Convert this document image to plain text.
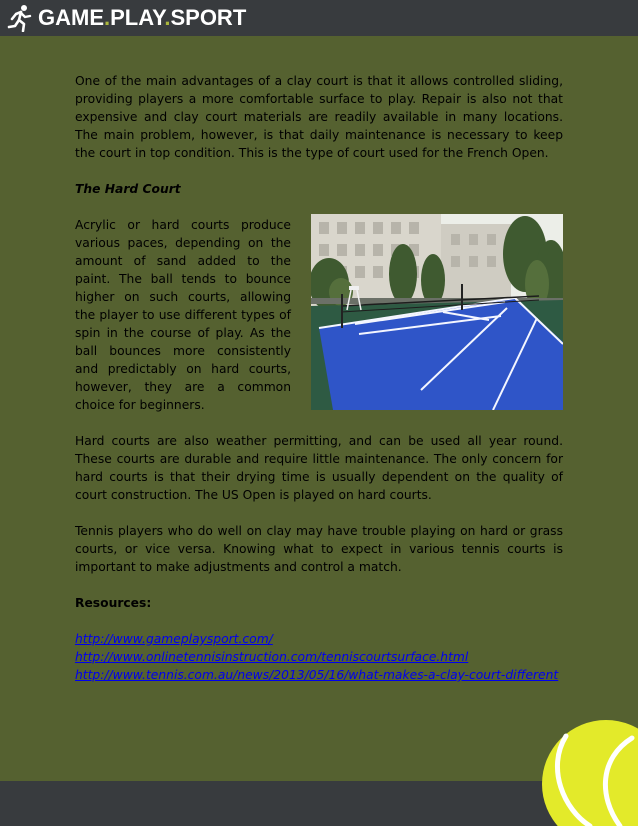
GAME.PLAY.SPORT

One of the main advantages of a clay court is that it allows controlled sliding, providing players a more comfortable surface to play. Repair is also not that expensive and clay court materials are readily available in many locations. The main problem, however, is that daily maintenance is necessary to keep the court in top condition. This is the type of court used for the French Open.

The Hard Court

Acrylic or hard courts produce various paces, depending on the amount of sand added to the paint. The ball tends to bounce higher on such courts, allowing the player to use different types of spin in the course of play. As the ball bounces more consistently and predictably on hard courts, however, they are a common choice for beginners.

Hard courts are also weather permitting, and can be used all year round. These courts are durable and require little maintenance. The only concern for hard courts is that their drying time is usually dependent on the quality of court construction. The US Open is played on hard courts.

Tennis players who do well on clay may have trouble playing on hard or grass courts, or vice versa. Knowing what to expect in various tennis courts is important to make adjustments and control a match.

Resources:

http://www.gameplaysport.com/
http://www.onlinetennisinstruction.com/tenniscourtsurface.html
http://www.tennis.com.au/news/2013/05/16/what-makes-a-clay-court-different
